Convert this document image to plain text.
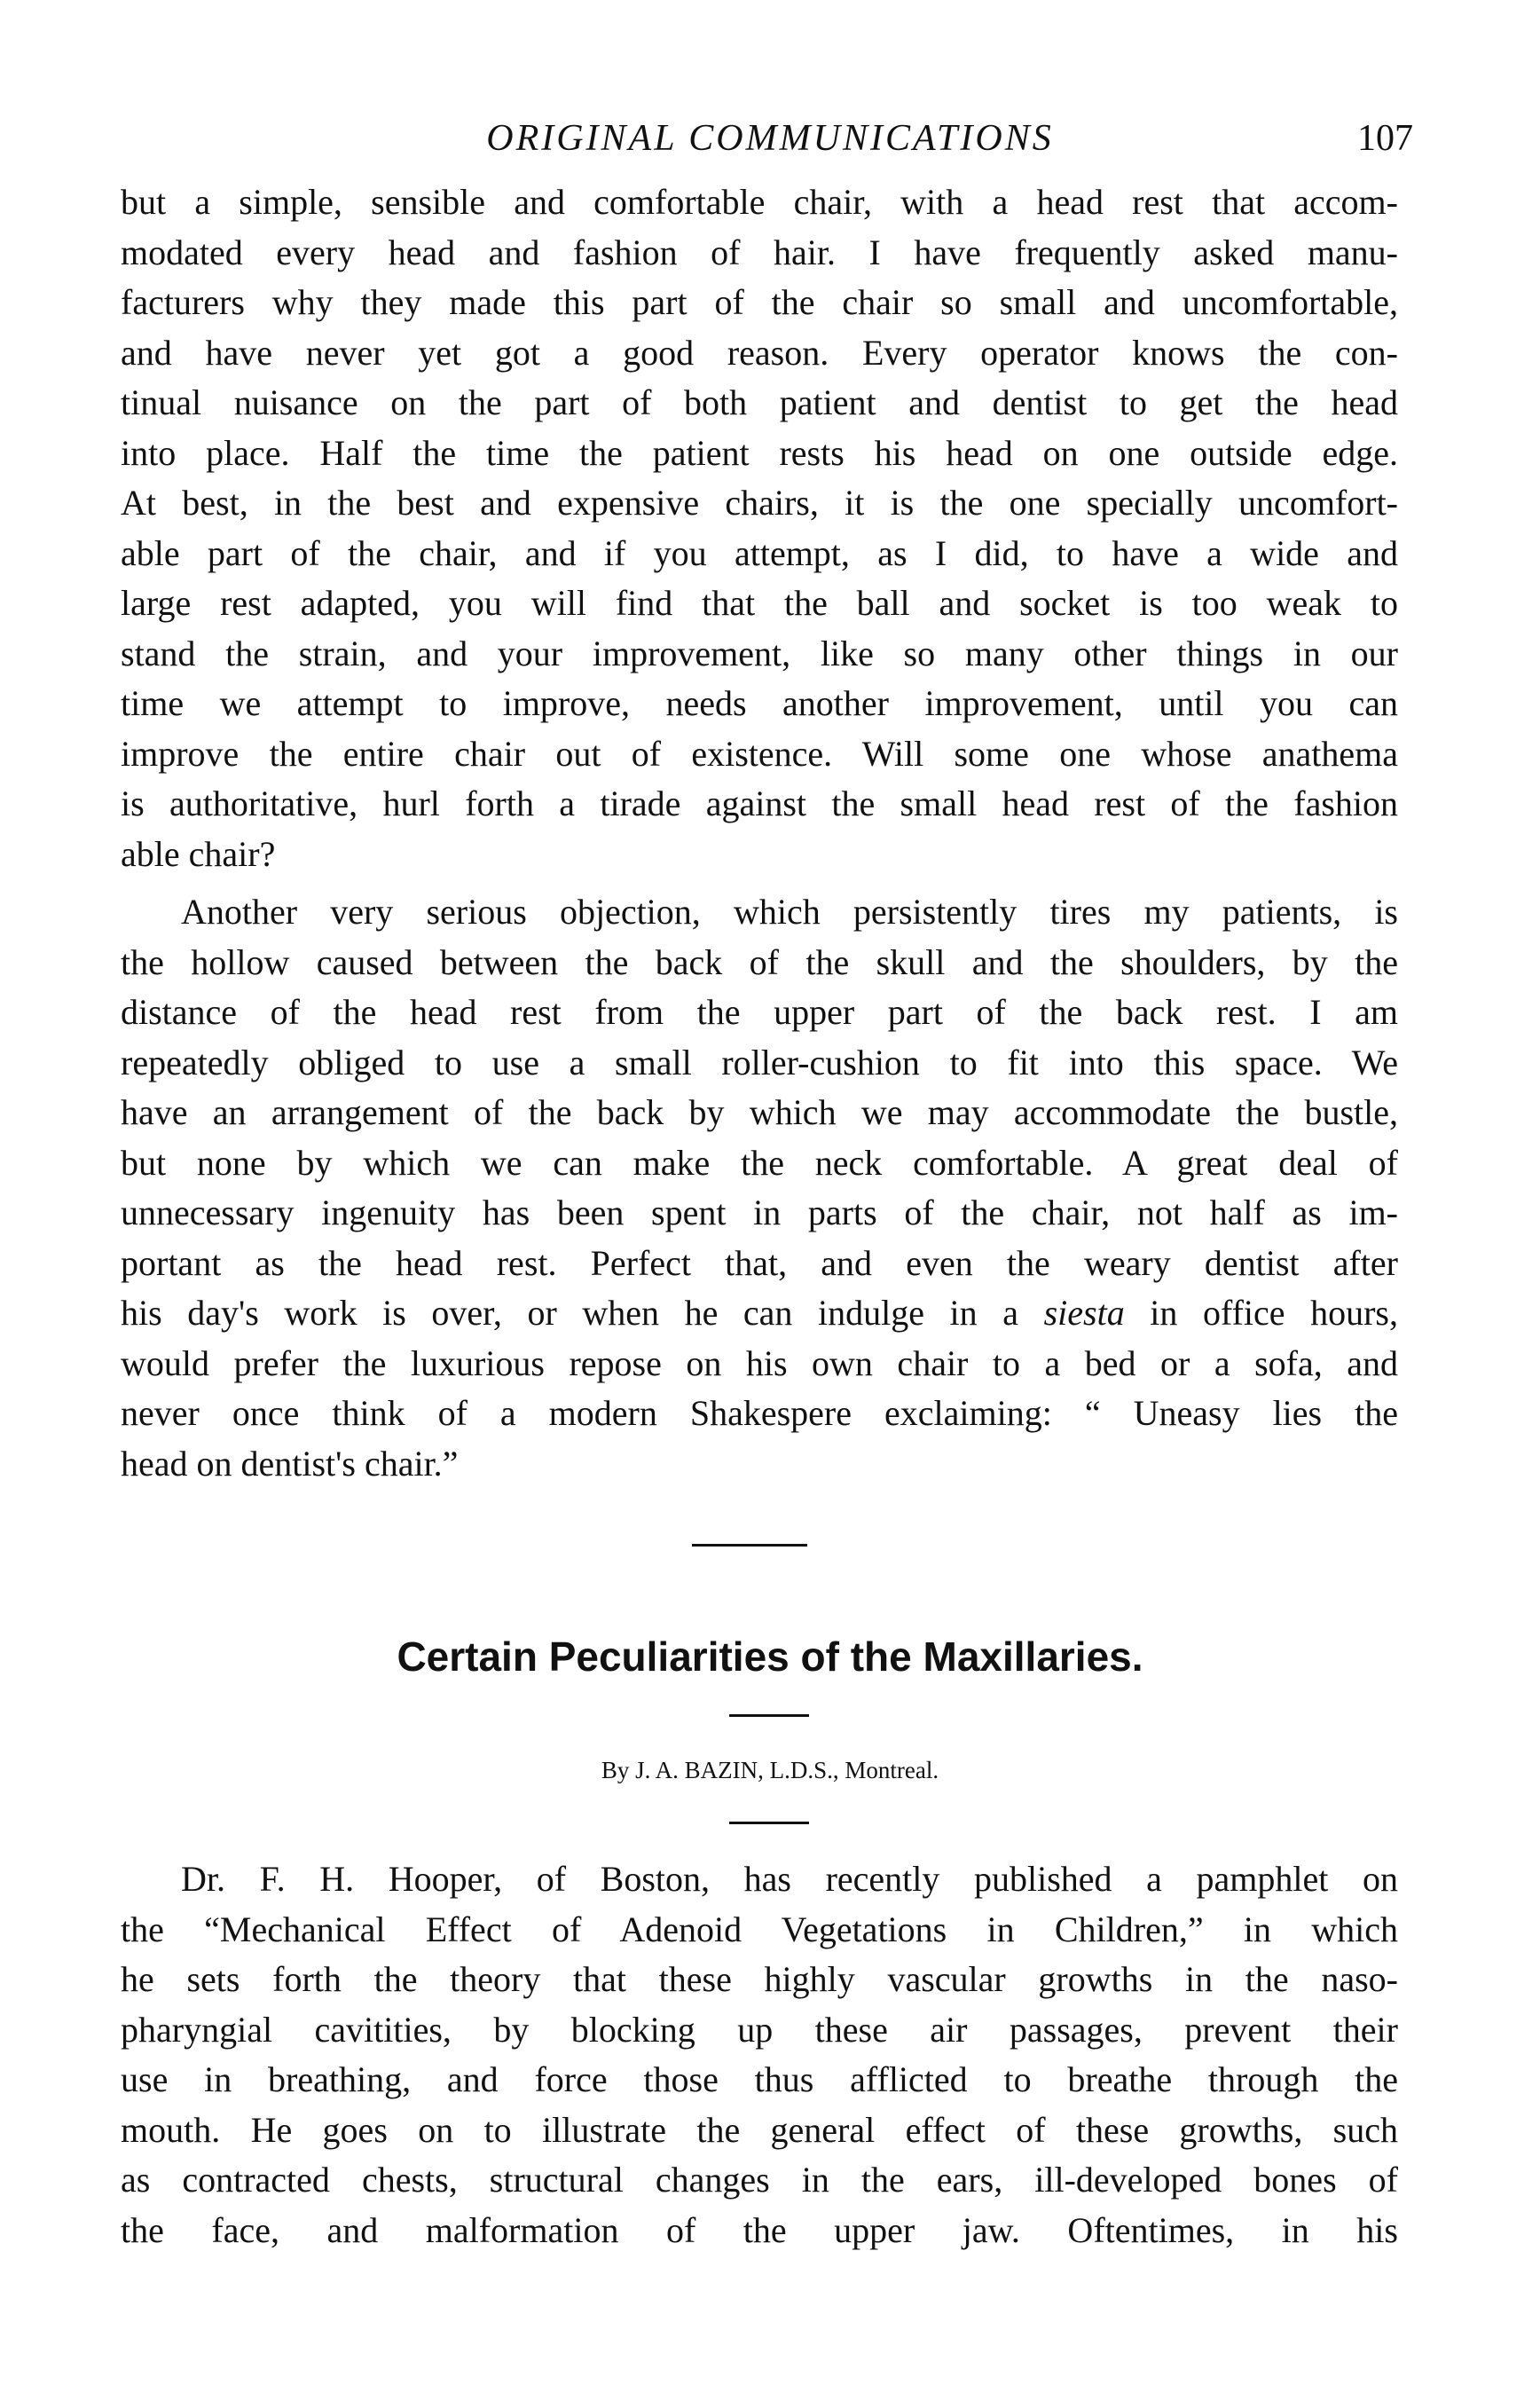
ORIGINAL COMMUNICATIONS	107
but a simple, sensible and comfortable chair, with a head rest that accom-
modated every head and fashion of hair. I have frequently asked manu-
facturers why they made this part of the chair so small and uncomfortable,
and have never yet got a good reason. Every operator knows the con-
tinual nuisance on the part of both patient and dentist to get the head
into place. Half the time the patient rests his head on one outside edge.
At best, in the best and expensive chairs, it is the one specially uncomfort-
able part of the chair, and if you attempt, as I did, to have a wide and
large rest adapted, you will find that the ball and socket is too weak to
stand the strain, and your improvement, like so many other things in our
time we attempt to improve, needs another improvement, until you can
improve the entire chair out of existence. Will some one whose anathema
is authoritative, hurl forth a tirade against the small head rest of the fashion
able chair?
Another very serious objection, which persistently tires my patients, is
the hollow caused between the back of the skull and the shoulders, by the
distance of the head rest from the upper part of the back rest. I am
repeatedly obliged to use a small roller-cushion to fit into this space. We
have an arrangement of the back by which we may accommodate the bustle,
but none by which we can make the neck comfortable. A great deal of
unnecessary ingenuity has been spent in parts of the chair, not half as im-
portant as the head rest. Perfect that, and even the weary dentist after
his day's work is over, or when he can indulge in a siesta in office hours,
would prefer the luxurious repose on his own chair to a bed or a sofa, and
never once think of a modern Shakespere exclaiming: “ Uneasy lies the
head on dentist's chair.”
Certain Peculiarities of the Maxillaries.
By J. A. BAZIN, L.D.S., Montreal.
Dr. F. H. Hooper, of Boston, has recently published a pamphlet on
the “Mechanical Effect of Adenoid Vegetations in Children,” in which
he sets forth the theory that these highly vascular growths in the naso-
pharyngial cavitities, by blocking up these air passages, prevent their
use in breathing, and force those thus afflicted to breathe through the
mouth. He goes on to illustrate the general effect of these growths, such
as contracted chests, structural changes in the ears, ill-developed bones of
the face, and malformation of the upper jaw. Oftentimes, in his
